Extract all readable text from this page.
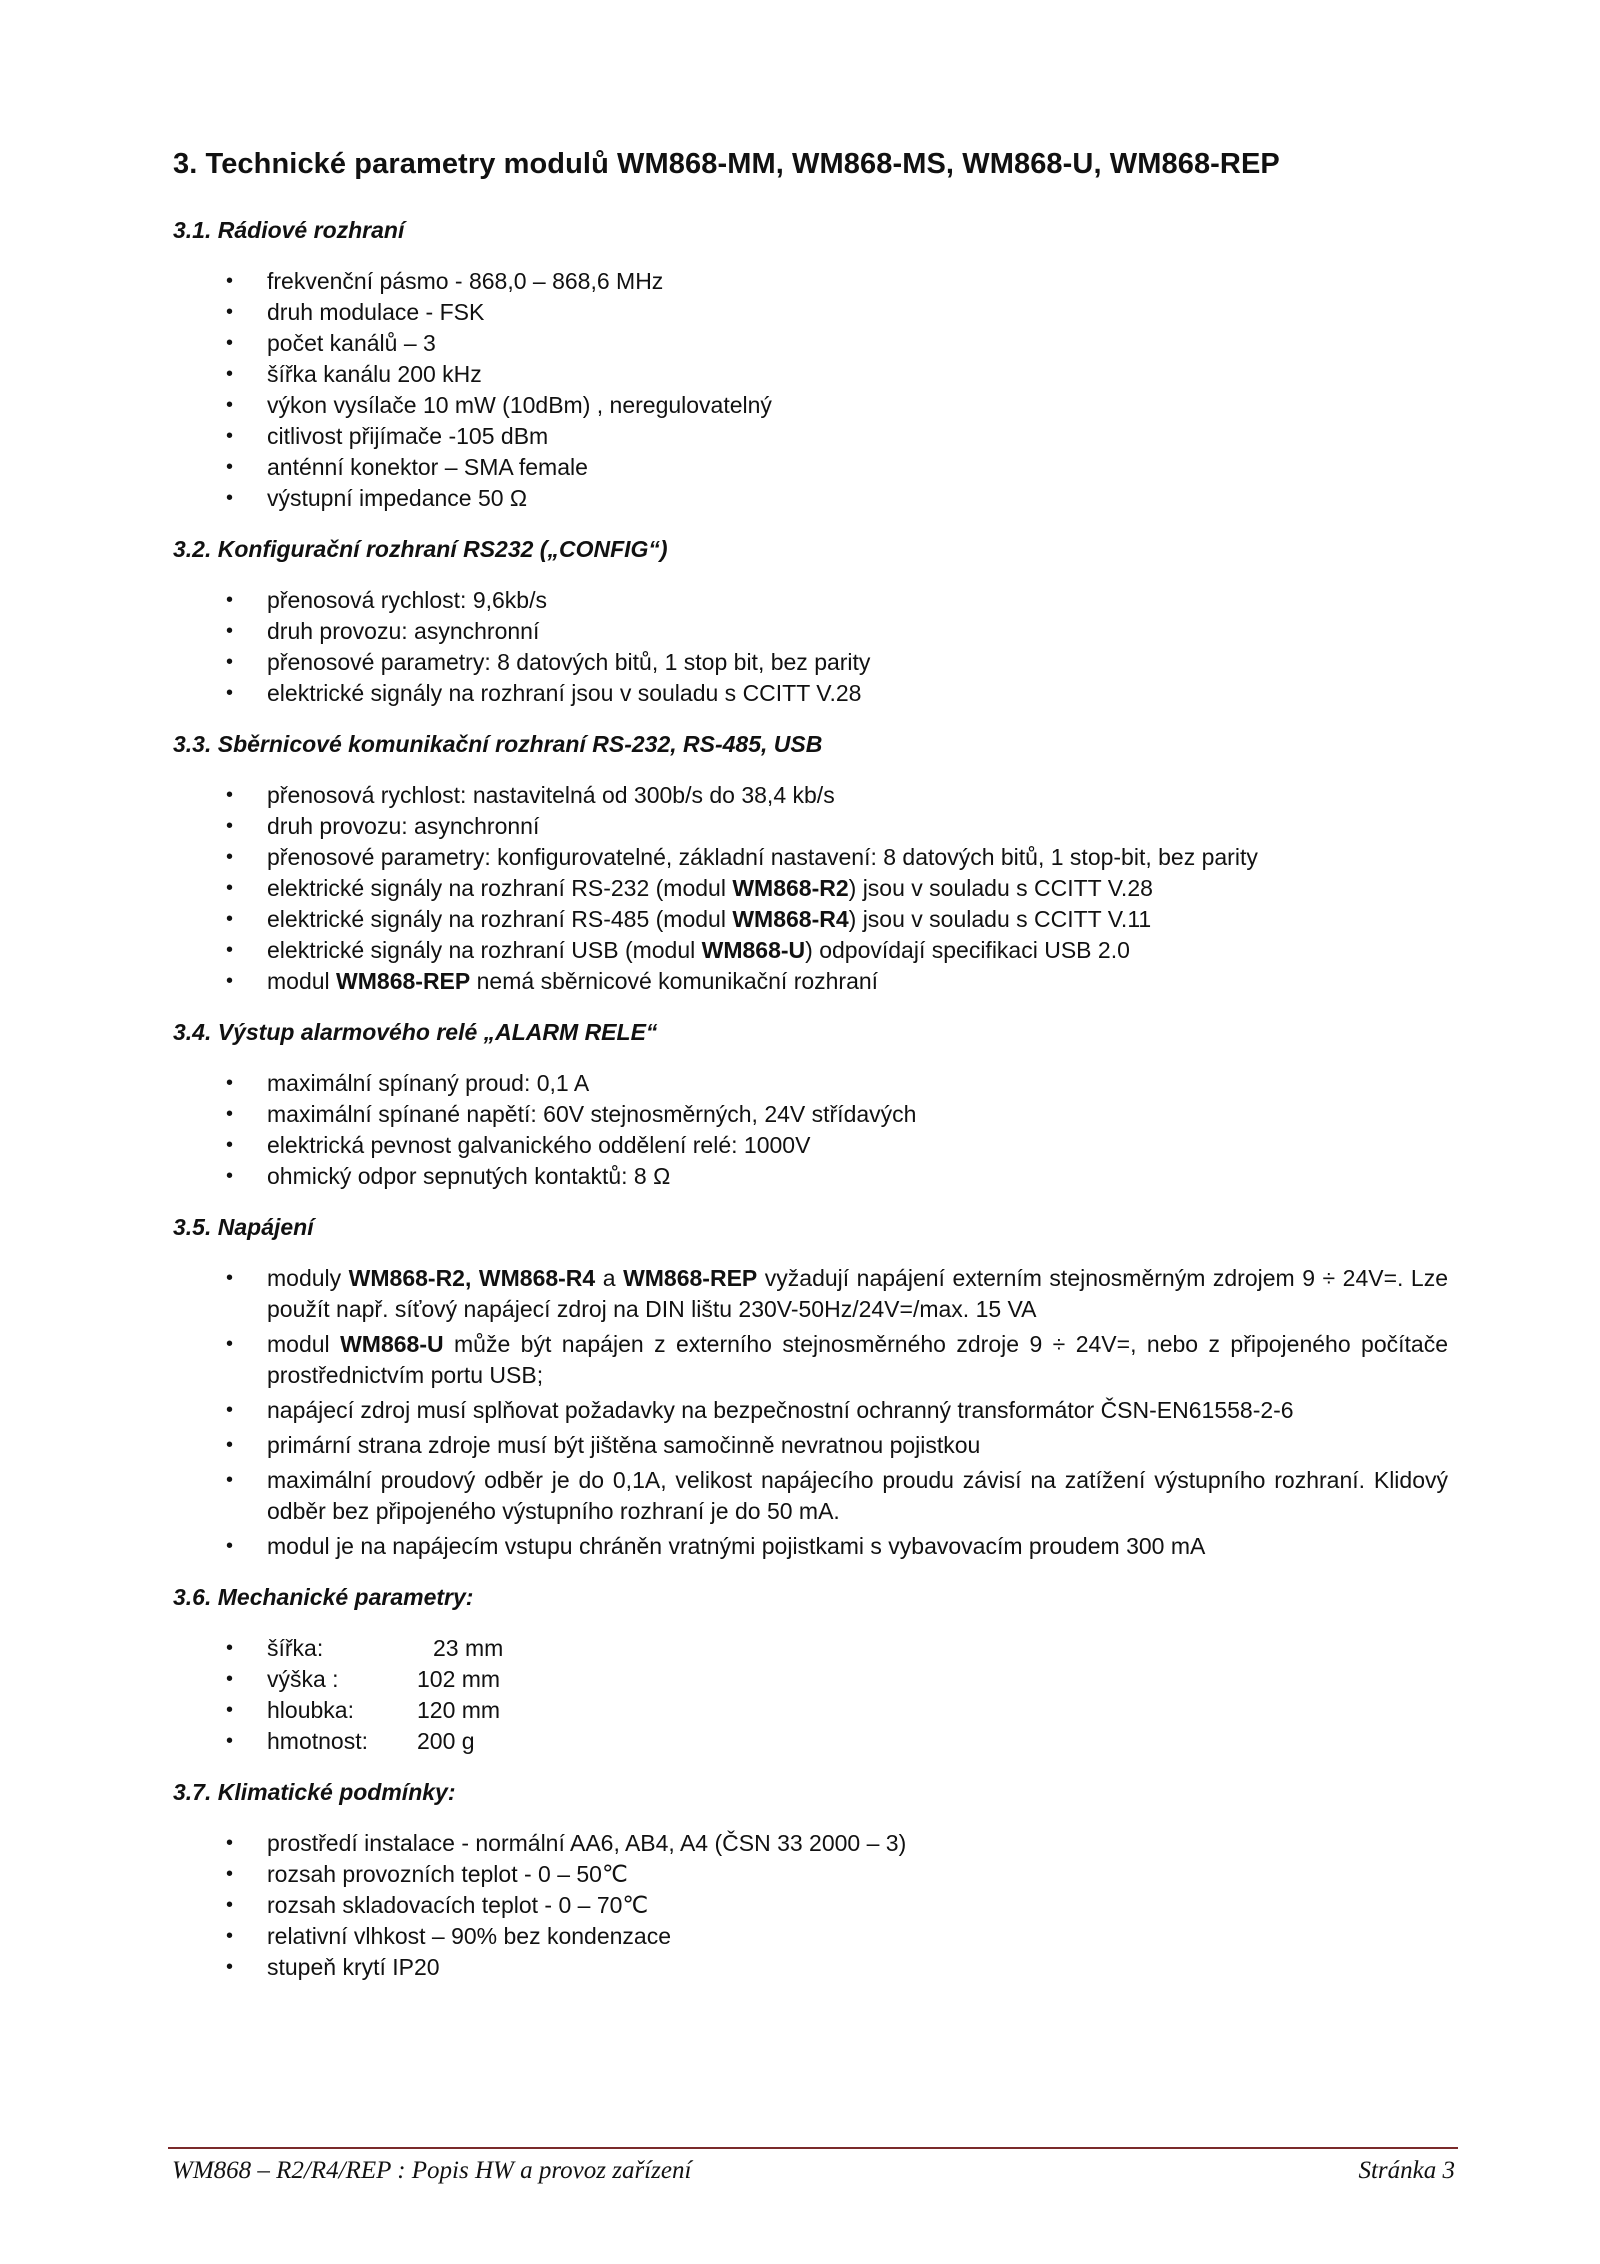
3. Technické parametry modulů WM868-MM, WM868-MS, WM868-U, WM868-REP
3.1. Rádiové rozhraní
• frekvenční pásmo - 868,0 – 868,6 MHz
• druh modulace - FSK
• počet kanálů – 3
• šířka kanálu 200 kHz
• výkon vysílače 10 mW (10dBm) , neregulovatelný
• citlivost přijímače -105 dBm
• anténní konektor – SMA female
• výstupní impedance 50 Ω
3.2. Konfigurační rozhraní RS232 („CONFIG“)
• přenosová rychlost: 9,6kb/s
• druh provozu: asynchronní
• přenosové parametry: 8 datových bitů, 1 stop bit, bez parity
• elektrické signály na rozhraní jsou v souladu s CCITT V.28
3.3. Sběrnicové komunikační rozhraní RS-232, RS-485, USB
• přenosová rychlost: nastavitelná od 300b/s do 38,4 kb/s
• druh provozu: asynchronní
• přenosové parametry: konfigurovatelné, základní nastavení: 8 datových bitů, 1 stop-bit, bez parity
• elektrické signály na rozhraní RS-232 (modul WM868-R2) jsou v souladu s CCITT V.28
• elektrické signály na rozhraní RS-485 (modul WM868-R4) jsou v souladu s CCITT V.11
• elektrické signály na rozhraní USB (modul WM868-U) odpovídají specifikaci USB 2.0
• modul WM868-REP nemá sběrnicové komunikační rozhraní
3.4. Výstup alarmového relé „ALARM RELE“
• maximální spínaný proud: 0,1 A
• maximální spínané napětí: 60V stejnosměrných, 24V střídavých
• elektrická pevnost galvanického oddělení relé: 1000V
• ohmický odpor sepnutých kontaktů: 8 Ω
3.5. Napájení
• moduly WM868-R2, WM868-R4 a WM868-REP vyžadují napájení externím stejnosměrným zdrojem 9 ÷ 24V=. Lze použít např. síťový napájecí zdroj na DIN lištu 230V-50Hz/24V=/max. 15 VA
• modul WM868-U může být napájen z externího stejnosměrného zdroje 9 ÷ 24V=, nebo z připojeného počítače prostřednictvím portu USB;
• napájecí zdroj musí splňovat požadavky na bezpečnostní ochranný transformátor ČSN-EN61558-2-6
• primární strana zdroje musí být jištěna samočinně nevratnou pojistkou
• maximální proudový odběr je do 0,1A, velikost napájecího proudu závisí na zatížení výstupního rozhraní. Klidový odběr bez připojeného výstupního rozhraní je do 50 mA.
• modul je na napájecím vstupu chráněn vratnými pojistkami s vybavovacím proudem 300 mA
3.6. Mechanické parametry:
• šířka:	23 mm
• výška :	102 mm
• hloubka:	120 mm
• hmotnost: 200 g
3.7. Klimatické podmínky:
• prostředí instalace - normální AA6, AB4, A4 (ČSN 33 2000 – 3)
• rozsah provozních teplot - 0 – 50℃
• rozsah skladovacích teplot - 0 – 70℃
• relativní vlhkost – 90% bez kondenzace
• stupeň krytí IP20
WM868 – R2/R4/REP : Popis HW a provoz zařízení	Stránka 3
